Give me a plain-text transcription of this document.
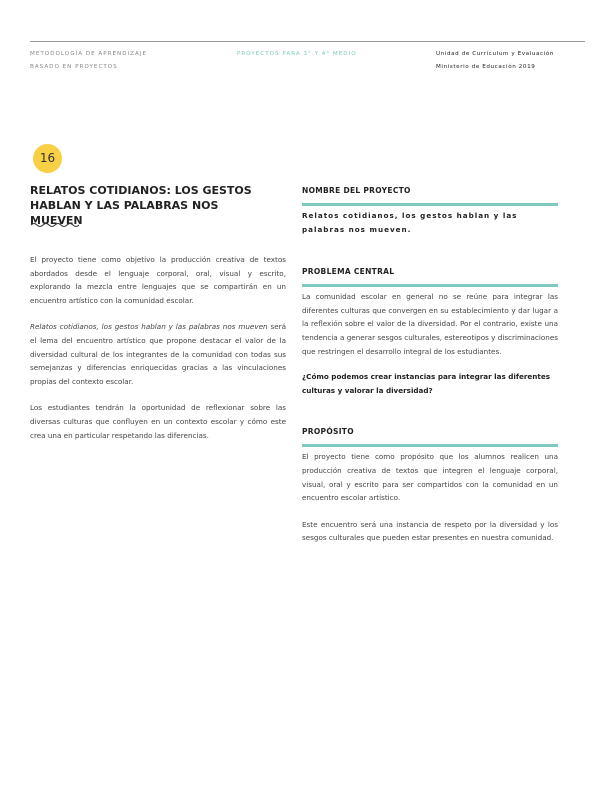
METODOLOGÍA DE APRENDIZAJE
BASADO EN PROYECTOS
PROYECTOS PARA 3° Y 4° MEDIO	Unidad de Currículum y Evaluación
Ministerio de Educación 2019
16
RELATOS COTIDIANOS: LOS GESTOS HABLAN Y LAS PALABRAS NOS MUEVEN

El proyecto tiene como objetivo la producción creativa de textos abordados desde el lenguaje corporal, oral, visual y escrito, explorando la mezcla entre lenguajes que se compartirán en un encuentro artístico con la comunidad escolar.

Relatos cotidianos, los gestos hablan y las palabras nos mueven será el lema del encuentro artístico que propone destacar el valor de la diversidad cultural de los integrantes de la comunidad con todas sus semejanzas y diferencias enriquecidas gracias a las vinculaciones propias del contexto escolar.

Los estudiantes tendrán la oportunidad de reflexionar sobre las diversas culturas que confluyen en un contexto escolar y cómo este crea una en particular respetando las diferencias.

NOMBRE DEL PROYECTO
Relatos cotidianos, los gestos hablan y las palabras nos mueven.
PROBLEMA CENTRAL
La comunidad escolar en general no se reúne para integrar las diferentes culturas que convergen en su establecimiento y dar lugar a la reflexión sobre el valor de la diversidad. Por el contrario, existe una tendencia a generar sesgos culturales, estereotipos y discriminaciones que restringen el desarrollo integral de los estudiantes.
¿Cómo podemos crear instancias para integrar las diferentes culturas y valorar la diversidad?
PROPÓSITO

El proyecto tiene como propósito que los alumnos realicen una producción creativa de textos que integren el lenguaje corporal, visual, oral y escrito para ser compartidos con la comunidad en un encuentro escolar artístico.

Este encuentro será una instancia de respeto por la diversidad y los sesgos culturales que pueden estar presentes en nuestra comunidad.
